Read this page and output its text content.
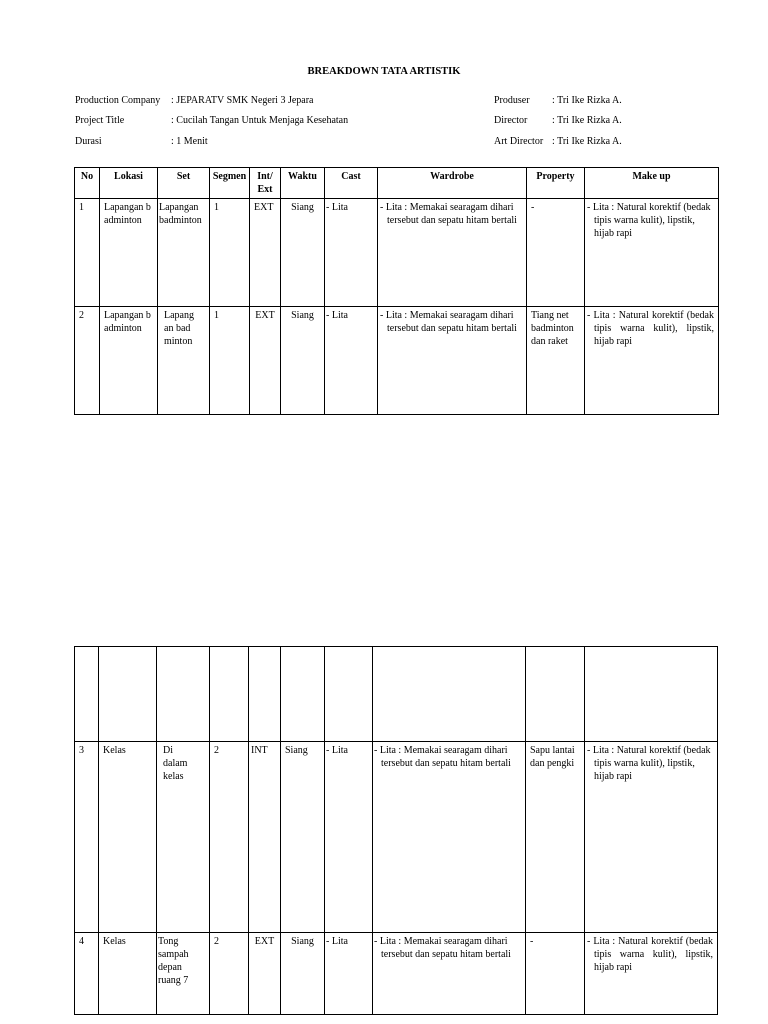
BREAKDOWN TATA ARTISTIK
Production Company : JEPARATV SMK Negeri 3 Jepara
Project Title	: Cucilah Tangan Untuk Menjaga Kesehatan
Durasi	: 1 Menit
Produser : Tri Ike Rizka A.
Director : Tri Ike Rizka A.
Art Director : Tri Ike Rizka A.
No	Lokasi	Set	Segmen	Int/ Ext	Waktu	Cast	Wardrobe	Property	Make up
1	Lapangan badminton	Lapangan badminton	1	EXT	Siang	- Lita	- Lita : Memakai searagam dihari tersebut dan sepatu hitam bertali	-	- Lita : Natural korektif (bedak tipis warna kulit), lipstik, hijab rapi
2	Lapangan badminton	Lapangan badminton	1	EXT	Siang	- Lita	- Lita : Memakai searagam dihari tersebut dan sepatu hitam bertali	Tiang net badminton dan raket	- Lita : Natural korektif (bedak tipis warna kulit), lipstik, hijab rapi

3	Kelas	Di dalam kelas	2	INT	Siang	- Lita	- Lita : Memakai searagam dihari tersebut dan sepatu hitam bertali	Sapu lantai dan pengki	- Lita : Natural korektif (bedak tipis warna kulit), lipstik, hijab rapi
4	Kelas	Tong sampah depan ruang 7	2	EXT	Siang	- Lita	- Lita : Memakai searagam dihari tersebut dan sepatu hitam bertali	-	- Lita : Natural korektif (bedak tipis warna kulit), lipstik, hijab rapi
